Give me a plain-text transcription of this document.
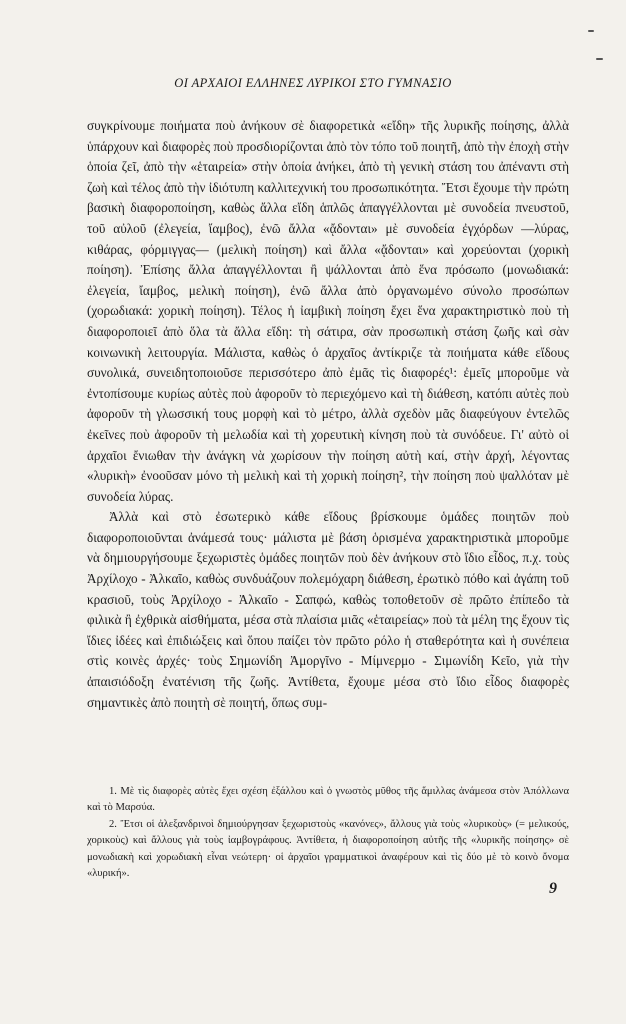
ΟΙ ΑΡΧΑΙΟΙ ΕΛΛΗΝΕΣ ΛΥΡΙΚΟΙ ΣΤΟ ΓΥΜΝΑΣΙΟ

συγκρίνουμε ποιήματα ποὺ ἀνήκουν σὲ διαφορετικὰ «εἴδη» τῆς λυρικῆς ποίησης, ἀλλὰ ὑπάρχουν καὶ διαφορὲς ποὺ προσδιορίζονται ἀπὸ τὸν τόπο τοῦ ποιητῆ, ἀπὸ τὴν ἐποχὴ στὴν ὁποία ζεῖ, ἀπὸ τὴν «ἑταιρεία» στὴν ὁποία ἀνήκει, ἀπὸ τὴ γενικὴ στάση του ἀπέναντι στὴ ζωὴ καὶ τέλος ἀπὸ τὴν ἰδιότυπη καλλιτεχνική του προσωπικότητα. Ἔτσι ἔχουμε τὴν πρώτη βασικὴ διαφοροποίηση, καθὼς ἄλλα εἴδη ἁπλῶς ἀπαγγέλλονται μὲ συνοδεία πνευστοῦ, τοῦ αὐλοῦ (ἐλεγεία, ἴαμβος), ἐνῶ ἄλλα «ᾄδονται» μὲ συνοδεία ἐγχόρδων —λύρας, κιθάρας, φόρμιγγας— (μελικὴ ποίηση) καὶ ἄλλα «ᾄδονται» καὶ χορεύονται (χορικὴ ποίηση). Ἐπίσης ἄλλα ἀπαγγέλλονται ἢ ψάλλονται ἀπὸ ἕνα πρόσωπο (μονωδιακά: ἐλεγεία, ἴαμβος, μελικὴ ποίηση), ἐνῶ ἄλλα ἀπὸ ὀργανωμένο σύνολο προσώπων (χορωδιακά: χορικὴ ποίηση). Τέλος ἡ ἰαμβικὴ ποίηση ἔχει ἕνα χαρακτηριστικὸ ποὺ τὴ διαφοροποιεῖ ἀπὸ ὅλα τὰ ἄλλα εἴδη: τὴ σάτιρα, σὰν προσωπικὴ στάση ζωῆς καὶ σὰν κοινωνικὴ λειτουργία. Μάλιστα, καθὼς ὁ ἀρχαῖος ἀντίκριζε τὰ ποιήματα κάθε εἴδους συνολικά, συνειδητοποιοῦσε περισσότερο ἀπὸ ἐμᾶς τὶς διαφορές¹: ἐμεῖς μποροῦμε νὰ ἐντοπίσουμε κυρίως αὐτὲς ποὺ ἀφοροῦν τὸ περιεχόμενο καὶ τὴ διάθεση, κατόπι αὐτὲς ποὺ ἀφοροῦν τὴ γλωσσική τους μορφὴ καὶ τὸ μέτρο, ἀλλὰ σχεδὸν μᾶς διαφεύγουν ἐντελῶς ἐκεῖνες ποὺ ἀφοροῦν τὴ μελωδία καὶ τὴ χορευτικὴ κίνηση ποὺ τὰ συνόδευε. Γι' αὐτὸ οἱ ἀρχαῖοι ἔνιωθαν τὴν ἀνάγκη νὰ χωρίσουν τὴν ποίηση αὐτὴ καί, στὴν ἀρχή, λέγοντας «λυρικὴ» ἐνοοῦσαν μόνο τὴ μελικὴ καὶ τὴ χορικὴ ποίηση², τὴν ποίηση ποὺ ψαλλόταν μὲ συνοδεία λύρας.

Ἀλλὰ καὶ στὸ ἐσωτερικὸ κάθε εἴδους βρίσκουμε ὁμάδες ποιητῶν ποὺ διαφοροποιοῦνται ἀνάμεσά τους· μάλιστα μὲ βάση ὁρισμένα χαρακτηριστικὰ μποροῦμε νὰ δημιουργήσουμε ξεχωριστὲς ὁμάδες ποιητῶν ποὺ δὲν ἀνήκουν στὸ ἴδιο εἶδος, π.χ. τοὺς Ἀρχίλοχο - Ἀλκαῖο, καθὼς συνδυάζουν πολεμόχαρη διάθεση, ἐρωτικὸ πόθο καὶ ἀγάπη τοῦ κρασιοῦ, τοὺς Ἀρχίλοχο - Ἀλκαῖο - Σαπφώ, καθὼς τοποθετοῦν σὲ πρῶτο ἐπίπεδο τὰ φιλικὰ ἢ ἐχθρικὰ αἰσθήματα, μέσα στὰ πλαίσια μιᾶς «ἑταιρείας» ποὺ τὰ μέλη της ἔχουν τὶς ἴδιες ἰδέες καὶ ἐπιδιώξεις καὶ ὅπου παίζει τὸν πρῶτο ρόλο ἡ σταθερότητα καὶ ἡ συνέπεια στὶς κοινὲς ἀρχές· τοὺς Σημωνίδη Ἀμοργῖνο - Μίμνερμο - Σιμωνίδη Κεῖο, γιὰ τὴν ἀπαισιόδοξη ἐνατένιση τῆς ζωῆς. Ἀντίθετα, ἔχουμε μέσα στὸ ἴδιο εἶδος διαφορὲς σημαντικὲς ἀπὸ ποιητὴ σὲ ποιητή, ὅπως συμ-

1. Μὲ τὶς διαφορὲς αὐτὲς ἔχει σχέση ἐξάλλου καὶ ὁ γνωστὸς μῦθος τῆς ἅμιλλας ἀνάμεσα στὸν Ἀπόλλωνα καὶ τὸ Μαρσύα.

2. Ἔτσι οἱ ἀλεξανδρινοὶ δημιούργησαν ξεχωριστοὺς «κανόνες», ἄλλους γιὰ τοὺς «λυρικοὺς» (= μελικούς, χορικοὺς) καὶ ἄλλους γιὰ τοὺς ἰαμβογράφους. Ἀντίθετα, ἡ διαφοροποίηση αὐτῆς τῆς «λυρικῆς ποίησης» σὲ μονωδιακὴ καὶ χορωδιακὴ εἶναι νεώτερη· οἱ ἀρχαῖοι γραμματικοὶ ἀναφέρουν καὶ τὶς δύο μὲ τὸ κοινὸ ὄνομα «λυρική».

9
